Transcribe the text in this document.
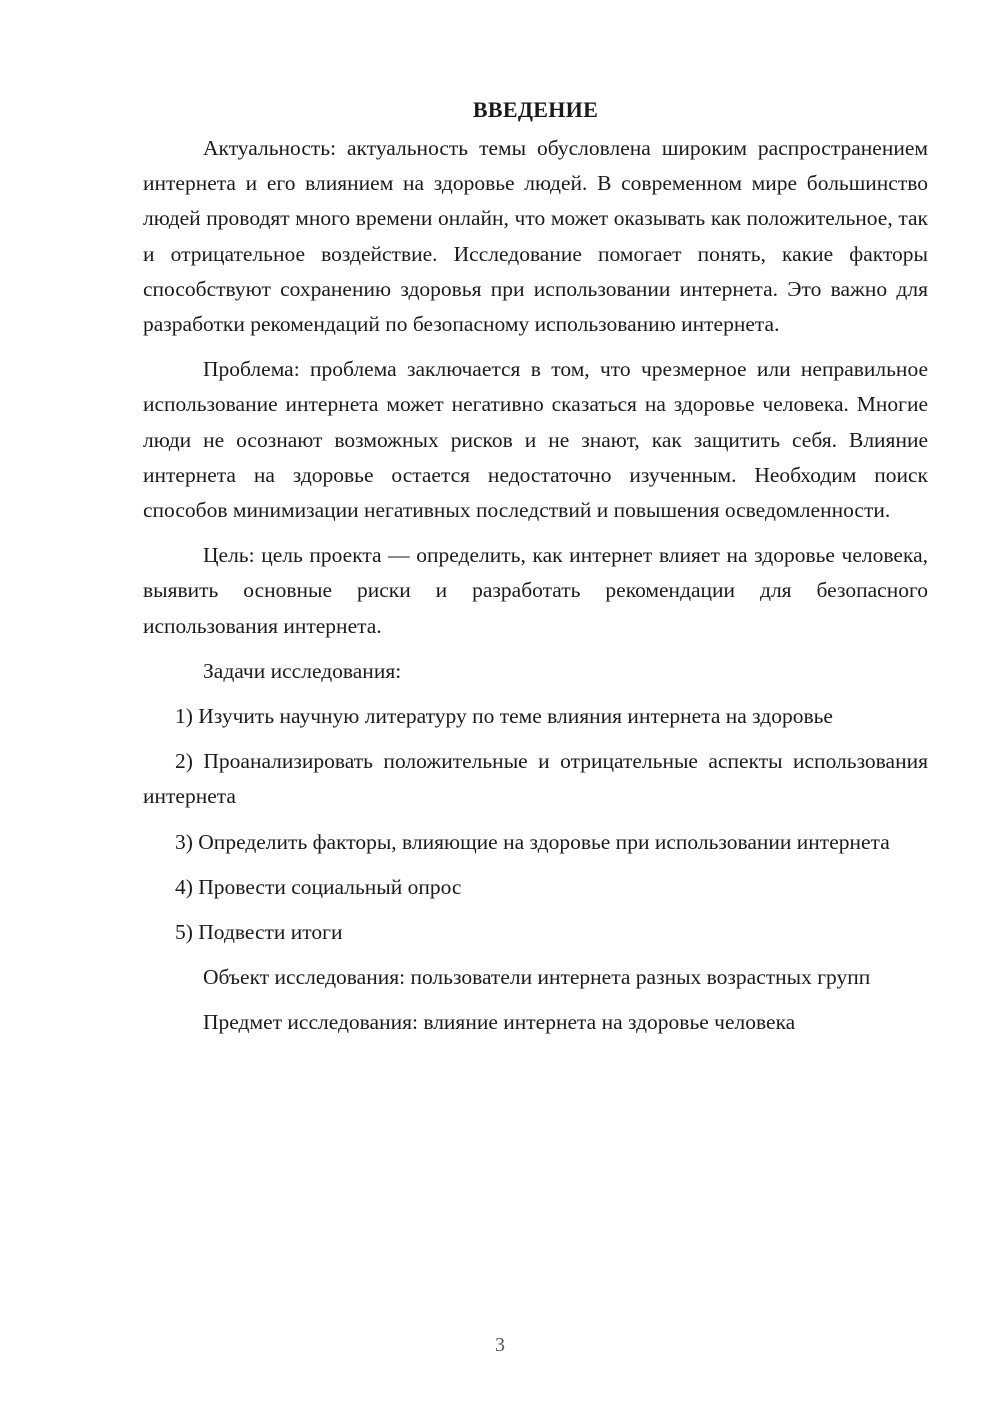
ВВЕДЕНИЕ

Актуальность: актуальность темы обусловлена широким распространением интернета и его влиянием на здоровье людей. В современном мире большинство людей проводят много времени онлайн, что может оказывать как положительное, так и отрицательное воздействие. Исследование помогает понять, какие факторы способствуют сохранению здоровья при использовании интернета. Это важно для разработки рекомендаций по безопасному использованию интернета.

Проблема: проблема заключается в том, что чрезмерное или неправильное использование интернета может негативно сказаться на здоровье человека. Многие люди не осознают возможных рисков и не знают, как защитить себя. Влияние интернета на здоровье остается недостаточно изученным. Необходим поиск способов минимизации негативных последствий и повышения осведомленности.

Цель: цель проекта — определить, как интернет влияет на здоровье человека, выявить основные риски и разработать рекомендации для безопасного использования интернета.

Задачи исследования:

1) Изучить научную литературу по теме влияния интернета на здоровье

2) Проанализировать положительные и отрицательные аспекты использования интернета

3) Определить факторы, влияющие на здоровье при использовании интернета

4) Провести социальный опрос

5) Подвести итоги

Объект исследования: пользователи интернета разных возрастных групп

Предмет исследования: влияние интернета на здоровье человека

3
